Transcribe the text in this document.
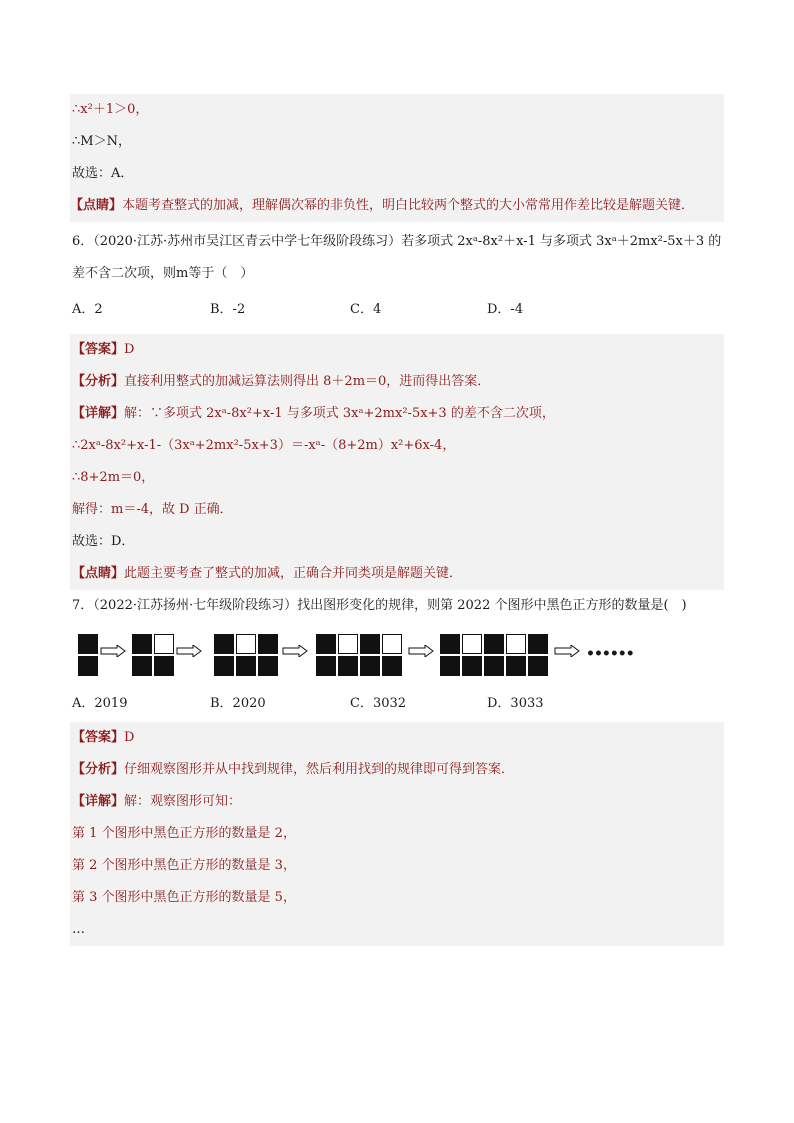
∴x²＋1＞0，
∴M＞N，
故选：A．
【点睛】本题考查整式的加减，理解偶次幂的非负性，明白比较两个整式的大小常常用作差比较是解题关键．
6．（2020·江苏·苏州市吴江区青云中学七年级阶段练习）若多项式 2xᵃ-8x²＋x-1 与多项式 3xᵃ＋2mx²-5x＋3 的差不含二次项，则m等于（　）
A．2	B．-2	C．4	D．-4
【答案】D
【分析】直接利用整式的加减运算法则得出 8＋2m＝0，进而得出答案．
【详解】解：∵多项式 2xᵃ-8x²+x-1 与多项式 3xᵃ+2mx²-5x+3 的差不含二次项，
∴2xᵃ-8x²+x-1-（3xᵃ+2mx²-5x+3）＝-xᵃ-（8+2m）x²+6x-4，
∴8+2m＝0，
解得：m＝-4，故 D 正确．
故选：D．
【点睛】此题主要考查了整式的加减，正确合并同类项是解题关键．
7．（2022·江苏扬州·七年级阶段练习）找出图形变化的规律，则第 2022 个图形中黑色正方形的数量是(　)
••••••
A．2019	B．2020	C．3032	D．3033
【答案】D
【分析】仔细观察图形并从中找到规律，然后利用找到的规律即可得到答案．
【详解】解：观察图形可知：
第 1 个图形中黑色正方形的数量是 2，
第 2 个图形中黑色正方形的数量是 3，
第 3 个图形中黑色正方形的数量是 5，
…
